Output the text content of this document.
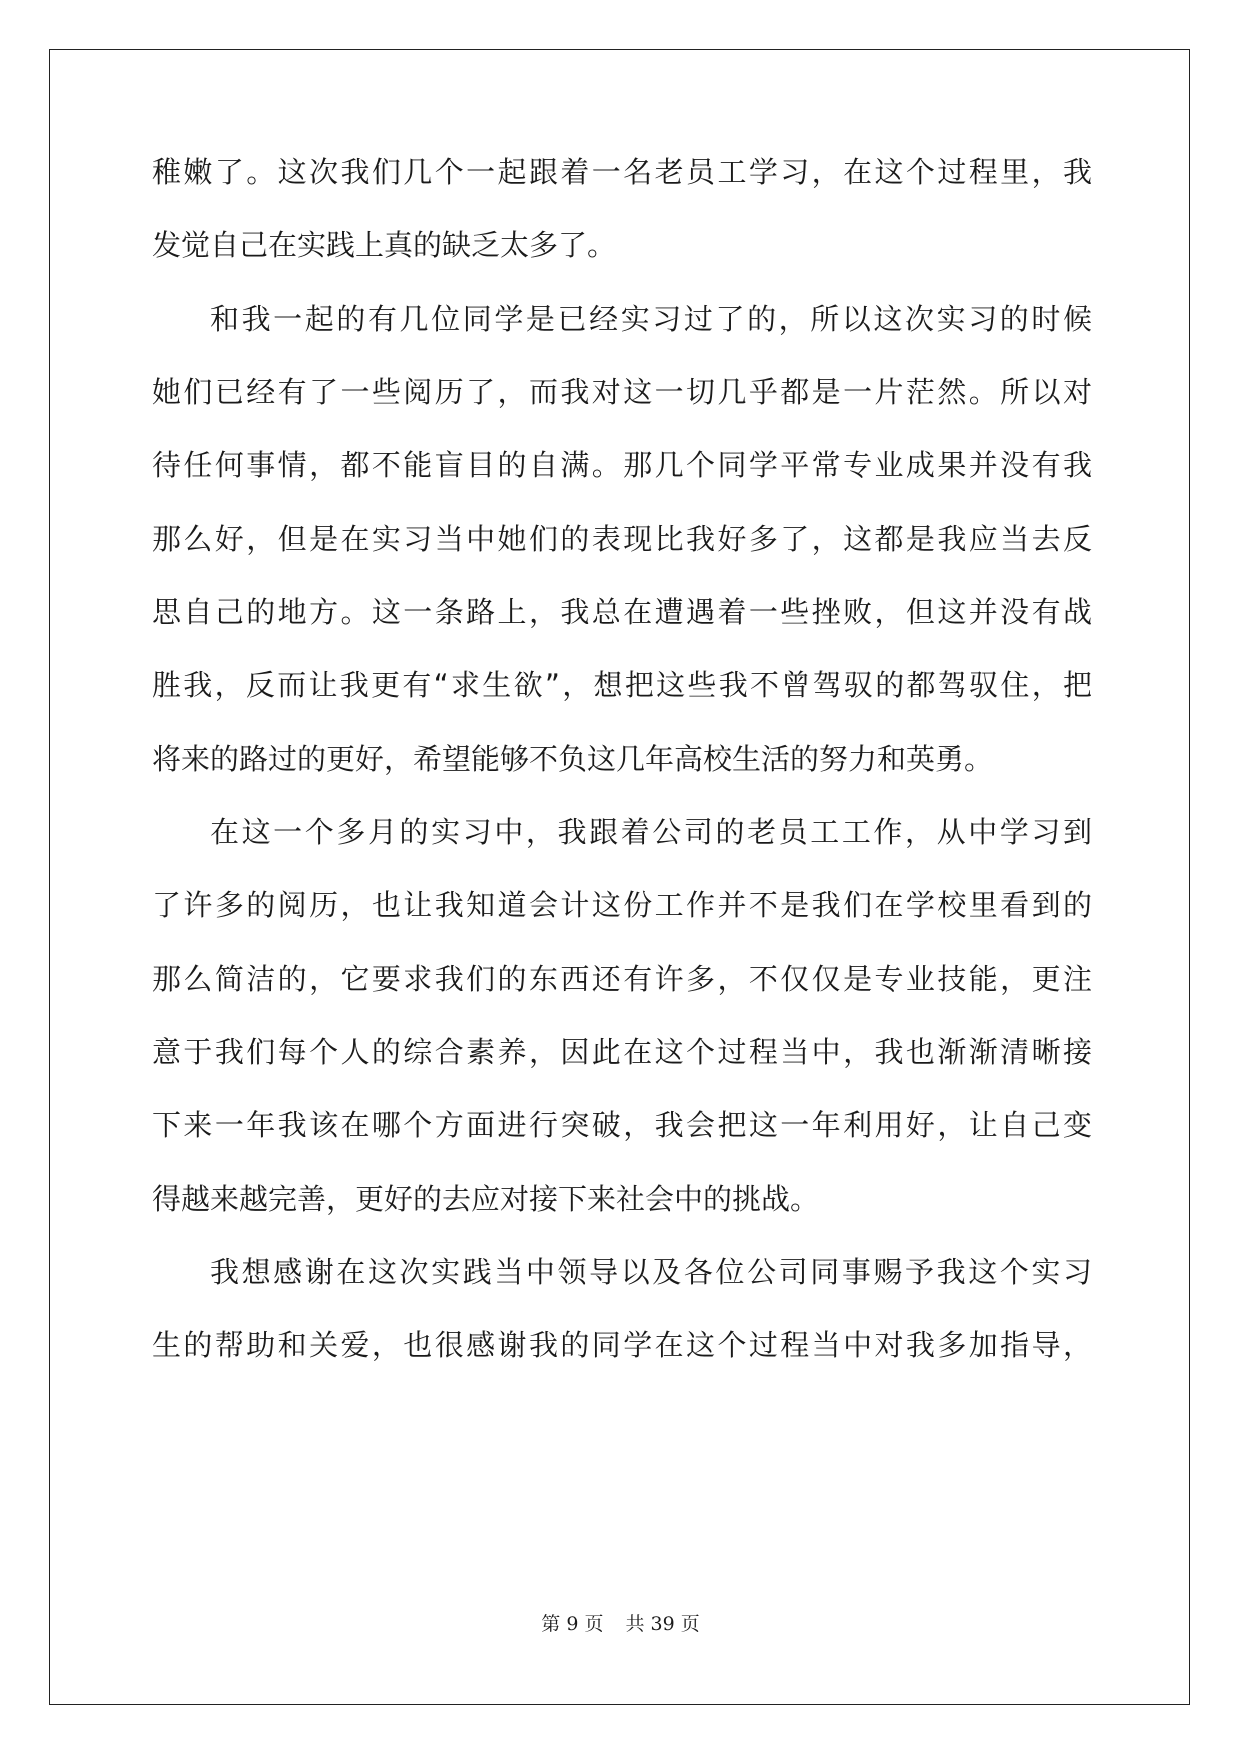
稚嫩了。这次我们几个一起跟着一名老员工学习，在这个过程里，我
发觉自己在实践上真的缺乏太多了。
和我一起的有几位同学是已经实习过了的，所以这次实习的时候
她们已经有了一些阅历了，而我对这一切几乎都是一片茫然。所以对
待任何事情，都不能盲目的自满。那几个同学平常专业成果并没有我
那么好，但是在实习当中她们的表现比我好多了，这都是我应当去反
思自己的地方。这一条路上，我总在遭遇着一些挫败，但这并没有战
胜我，反而让我更有“求生欲”，想把这些我不曾驾驭的都驾驭住，把
将来的路过的更好，希望能够不负这几年高校生活的努力和英勇。
在这一个多月的实习中，我跟着公司的老员工工作，从中学习到
了许多的阅历，也让我知道会计这份工作并不是我们在学校里看到的
那么简洁的，它要求我们的东西还有许多，不仅仅是专业技能，更注
意于我们每个人的综合素养，因此在这个过程当中，我也渐渐清晰接
下来一年我该在哪个方面进行突破，我会把这一年利用好，让自己变
得越来越完善，更好的去应对接下来社会中的挑战。
我想感谢在这次实践当中领导以及各位公司同事赐予我这个实习
生的帮助和关爱，也很感谢我的同学在这个过程当中对我多加指导，
第 9 页 共 39 页
